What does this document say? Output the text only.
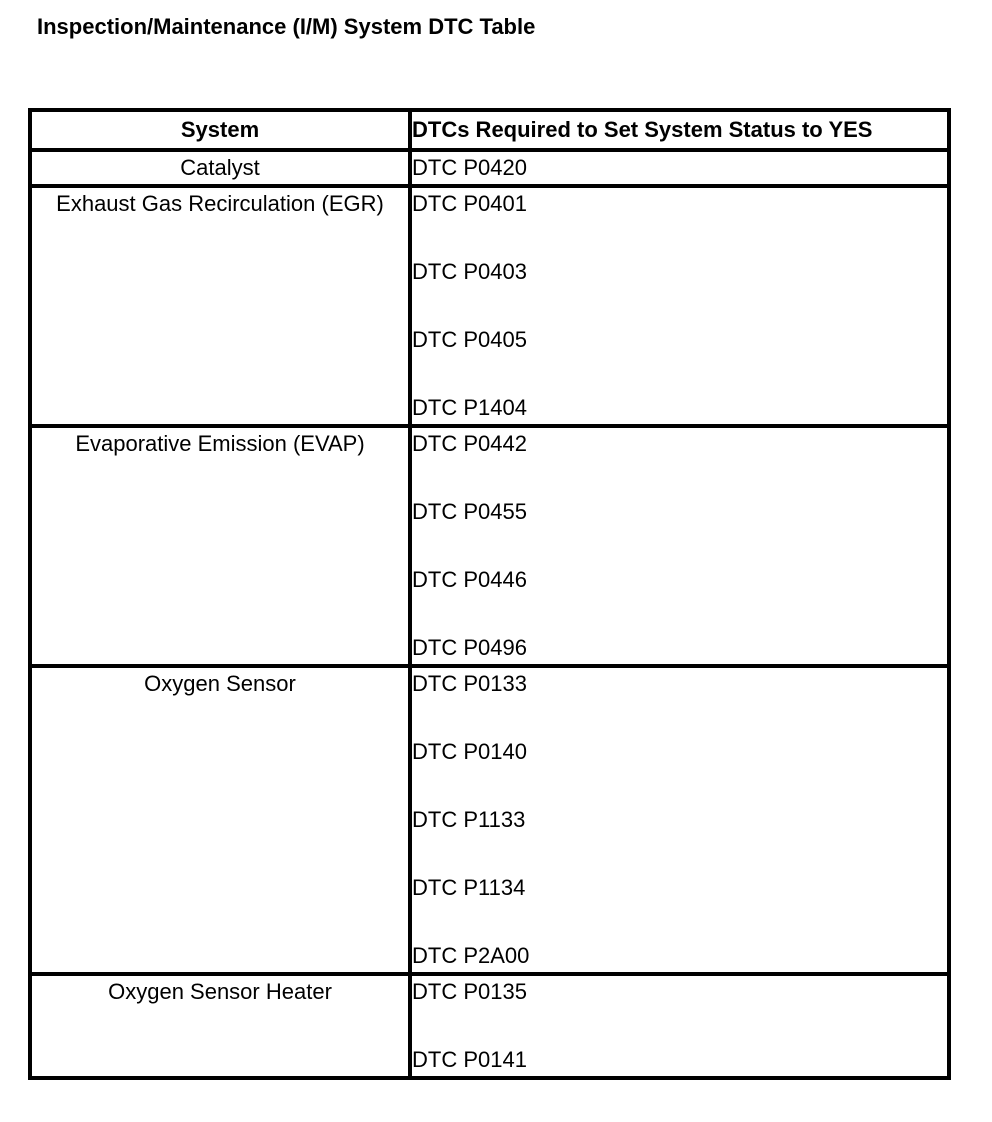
Inspection/Maintenance (I/M) System DTC Table
System	DTCs Required to Set System Status to YES
Catalyst	DTC P0420

Exhaust Gas Recirculation (EGR)	DTC P0401
DTC P0403
DTC P0405
DTC P1404

Evaporative Emission (EVAP)	DTC P0442
DTC P0455
DTC P0446
DTC P0496

Oxygen Sensor	DTC P0133
DTC P0140
DTC P1133
DTC P1134
DTC P2A00

Oxygen Sensor Heater	DTC P0135
DTC P0141
